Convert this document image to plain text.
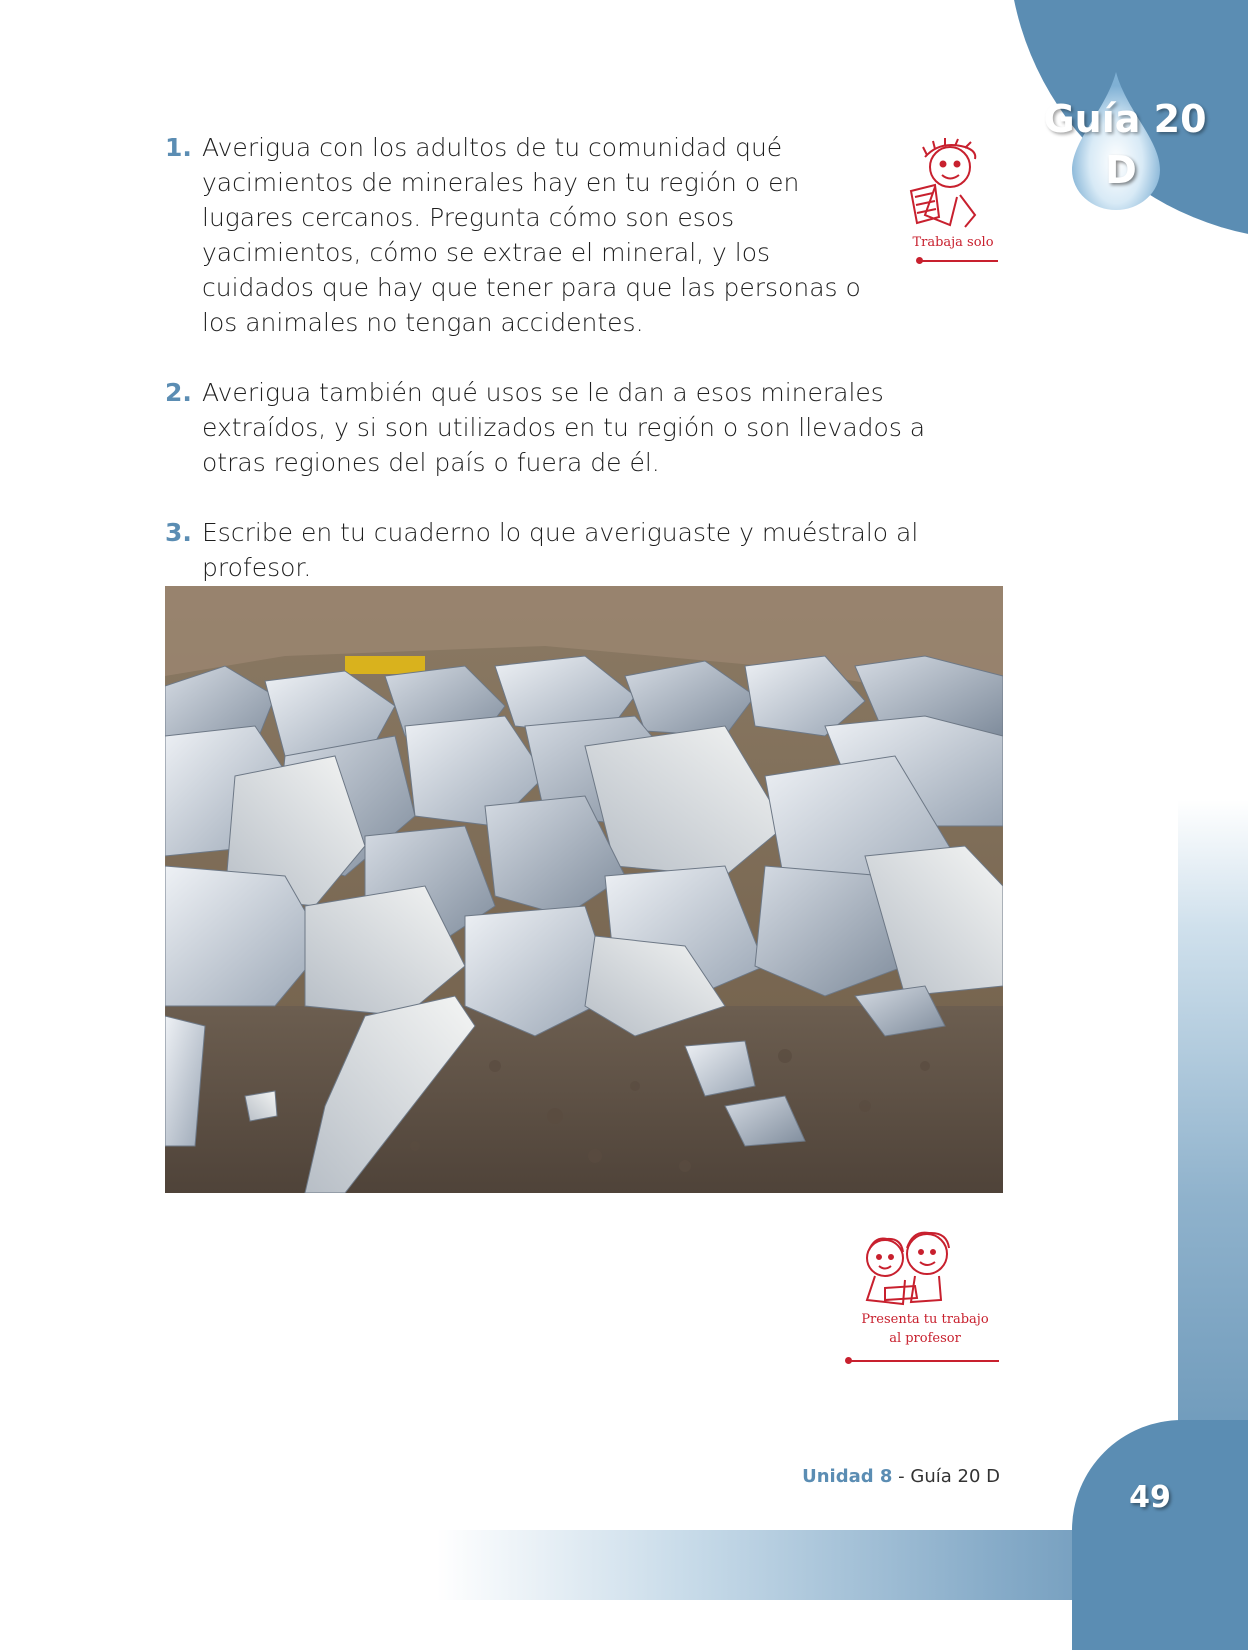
Guía 20
D
1. Averigua con los adultos de tu comunidad qué yacimientos de minerales hay en tu región o en lugares cercanos. Pregunta cómo son esos yacimientos, cómo se extrae el mineral, y los cuidados que hay que tener para que las personas o los animales no tengan accidentes.
2. Averigua también qué usos se le dan a esos minerales extraídos, y si son utilizados en tu región o son llevados a otras regiones del país o fuera de él.
3. Escribe en tu cuaderno lo que averiguaste y muéstralo al profesor.
Trabaja solo
Presenta tu trabajo
al profesor
Unidad 8 - Guía 20 D
49
